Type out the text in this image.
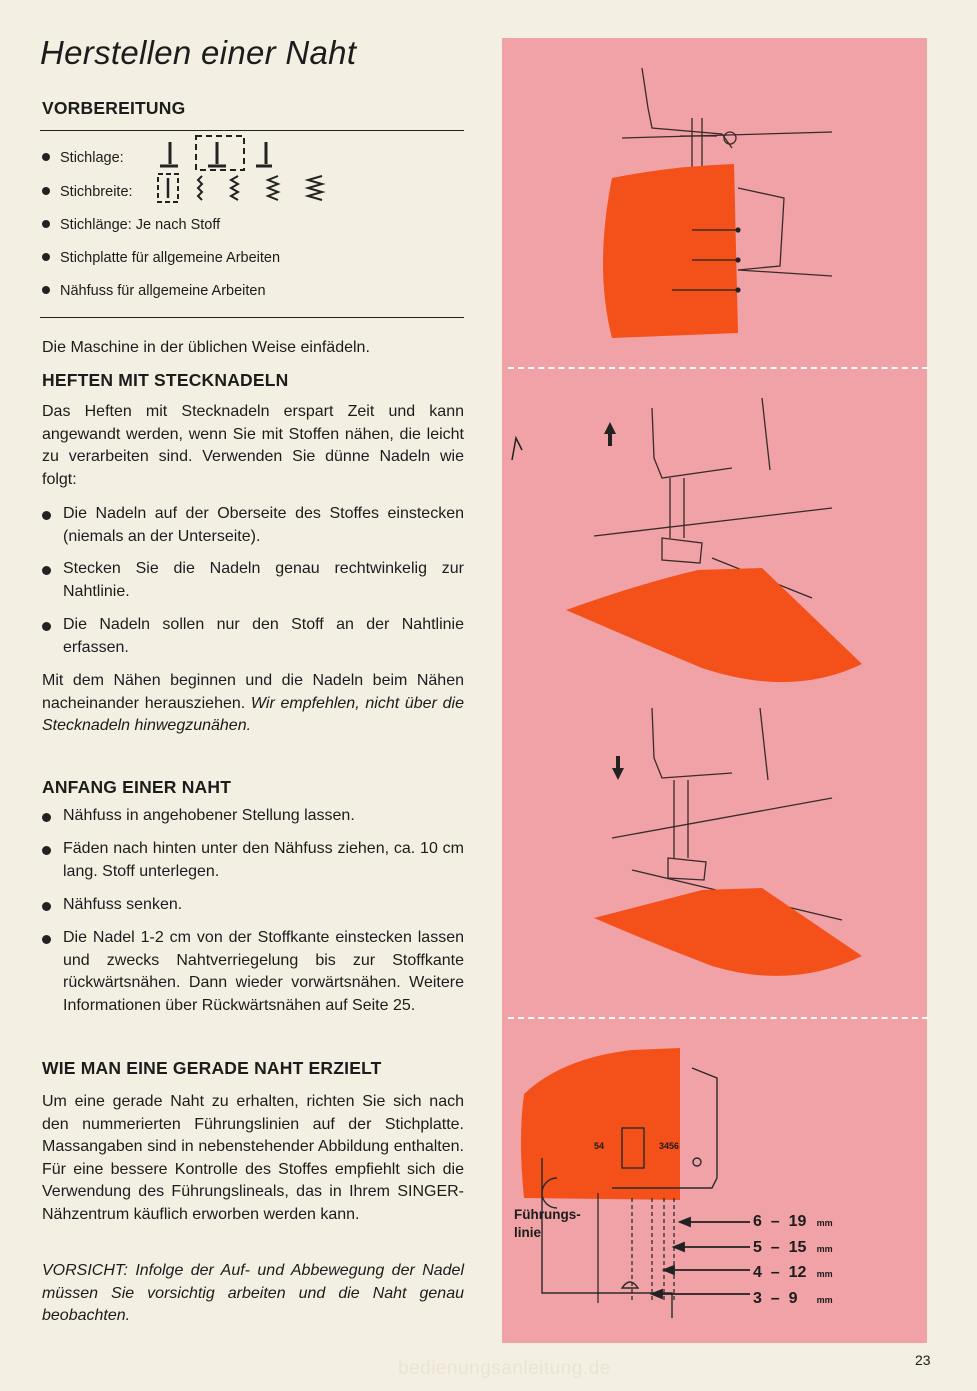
Herstellen einer Naht
VORBEREITUNG
Stichlage:
Stichbreite:
Stichlänge: Je nach Stoff
Stichplatte für allgemeine Arbeiten
Nähfuss für allgemeine Arbeiten
Die Maschine in der üblichen Weise einfädeln.
HEFTEN MIT STECKNADELN
Das Heften mit Stecknadeln erspart Zeit und kann angewandt werden, wenn Sie mit Stoffen nähen, die leicht zu verarbeiten sind. Verwenden Sie dünne Nadeln wie folgt:
Die Nadeln auf der Oberseite des Stoffes einstecken (niemals an der Unterseite).
Stecken Sie die Nadeln genau rechtwinkelig zur Nahtlinie.
Die Nadeln sollen nur den Stoff an der Nahtlinie erfassen.
Mit dem Nähen beginnen und die Nadeln beim Nähen nacheinander herausziehen. Wir empfehlen, nicht über die Stecknadeln hinwegzunähen.
ANFANG EINER NAHT
Nähfuss in angehobener Stellung lassen.
Fäden nach hinten unter den Nähfuss ziehen, ca. 10 cm lang. Stoff unterlegen.
Nähfuss senken.
Die Nadel 1-2 cm von der Stoffkante einstecken lassen und zwecks Nahtverriegelung bis zur Stoffkante rückwärtsnähen. Dann wieder vorwärtsnähen. Weitere Informationen über Rückwärtsnähen auf Seite 25.
WIE MAN EINE GERADE NAHT ERZIELT
Um eine gerade Naht zu erhalten, richten Sie sich nach den nummerierten Führungslinien auf der Stichplatte. Massangaben sind in nebenstehender Abbildung enthalten. Für eine bessere Kontrolle des Stoffes empfiehlt sich die Verwendung des Führungslineals, das in Ihrem SINGER-Nähzentrum käuflich erworben werden kann.
VORSICHT: Infolge der Auf- und Abbewegung der Nadel müssen Sie vorsichtig arbeiten und die Naht genau beobachten.
54	3456
Führungs-
linie
6  –  19 mm
5  –  15 mm
4  –  12 mm
3  –  9 mm
bedienungsanleitung.de	23
